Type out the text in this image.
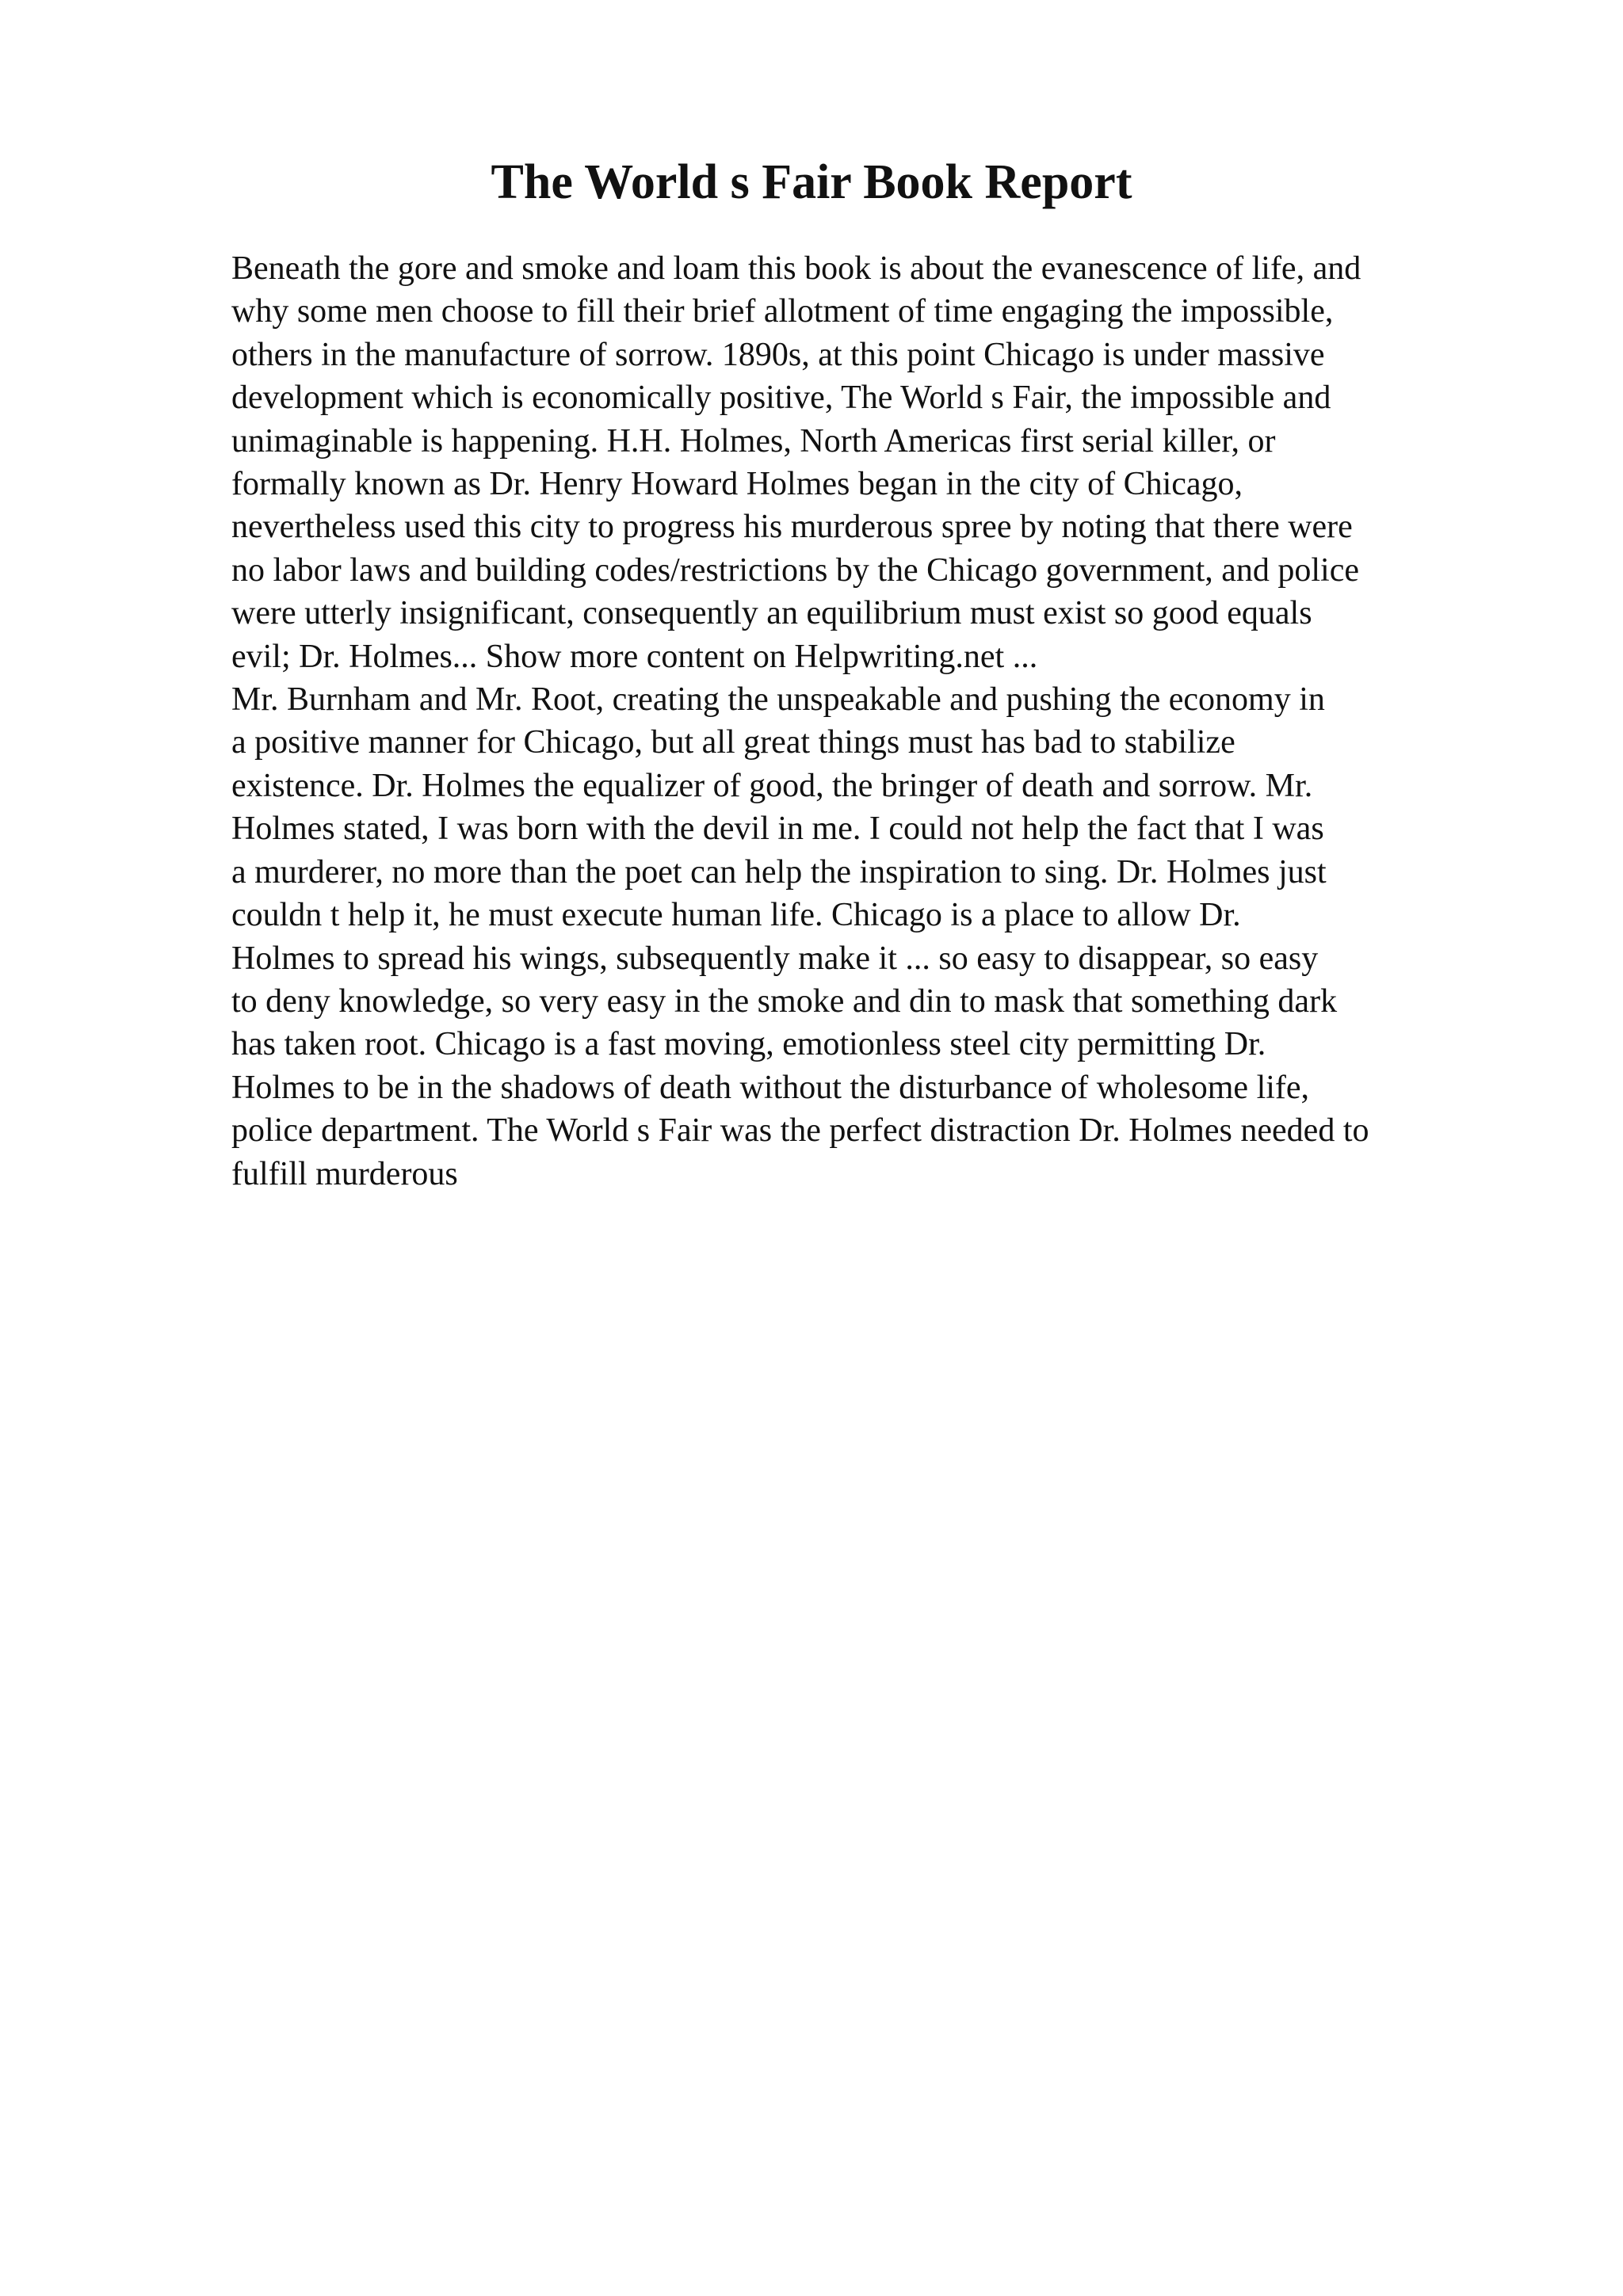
The World s Fair Book Report
Beneath the gore and smoke and loam this book is about the evanescence of life, and
why some men choose to fill their brief allotment of time engaging the impossible,
others in the manufacture of sorrow. 1890s, at this point Chicago is under massive
development which is economically positive, The World s Fair, the impossible and
unimaginable is happening. H.H. Holmes, North Americas first serial killer, or
formally known as Dr. Henry Howard Holmes began in the city of Chicago,
nevertheless used this city to progress his murderous spree by noting that there were
no labor laws and building codes/restrictions by the Chicago government, and police
were utterly insignificant, consequently an equilibrium must exist so good equals
evil; Dr. Holmes... Show more content on Helpwriting.net ...
Mr. Burnham and Mr. Root, creating the unspeakable and pushing the economy in
a positive manner for Chicago, but all great things must has bad to stabilize
existence. Dr. Holmes the equalizer of good, the bringer of death and sorrow. Mr.
Holmes stated, I was born with the devil in me. I could not help the fact that I was
a murderer, no more than the poet can help the inspiration to sing. Dr. Holmes just
couldn t help it, he must execute human life. Chicago is a place to allow Dr.
Holmes to spread his wings, subsequently make it ... so easy to disappear, so easy
to deny knowledge, so very easy in the smoke and din to mask that something dark
has taken root. Chicago is a fast moving, emotionless steel city permitting Dr.
Holmes to be in the shadows of death without the disturbance of wholesome life,
police department. The World s Fair was the perfect distraction Dr. Holmes needed to
fulfill murderous
